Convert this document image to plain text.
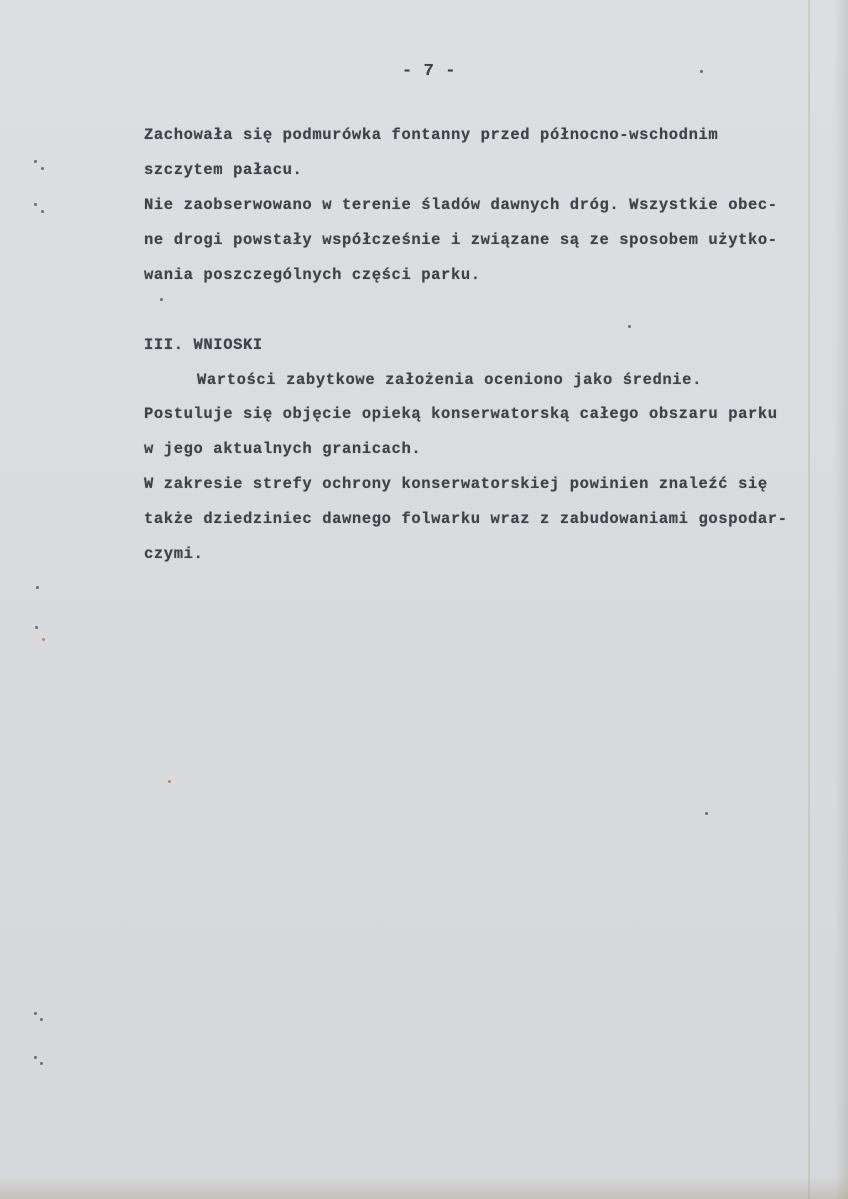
- 7 -
Zachowała się podmurówka fontanny przed północno-wschodnim
szczytem pałacu.
Nie zaobserwowano w terenie śladów dawnych dróg. Wszystkie obec-
ne drogi powstały współcześnie i związane są ze sposobem użytko-
wania poszczególnych części parku.
III. WNIOSKI
Wartości zabytkowe założenia oceniono jako średnie.
Postuluje się objęcie opieką konserwatorską całego obszaru parku
w jego aktualnych granicach.
W zakresie strefy ochrony konserwatorskiej powinien znaleźć się
także dziedziniec dawnego folwarku wraz z zabudowaniami gospodar-
czymi.
